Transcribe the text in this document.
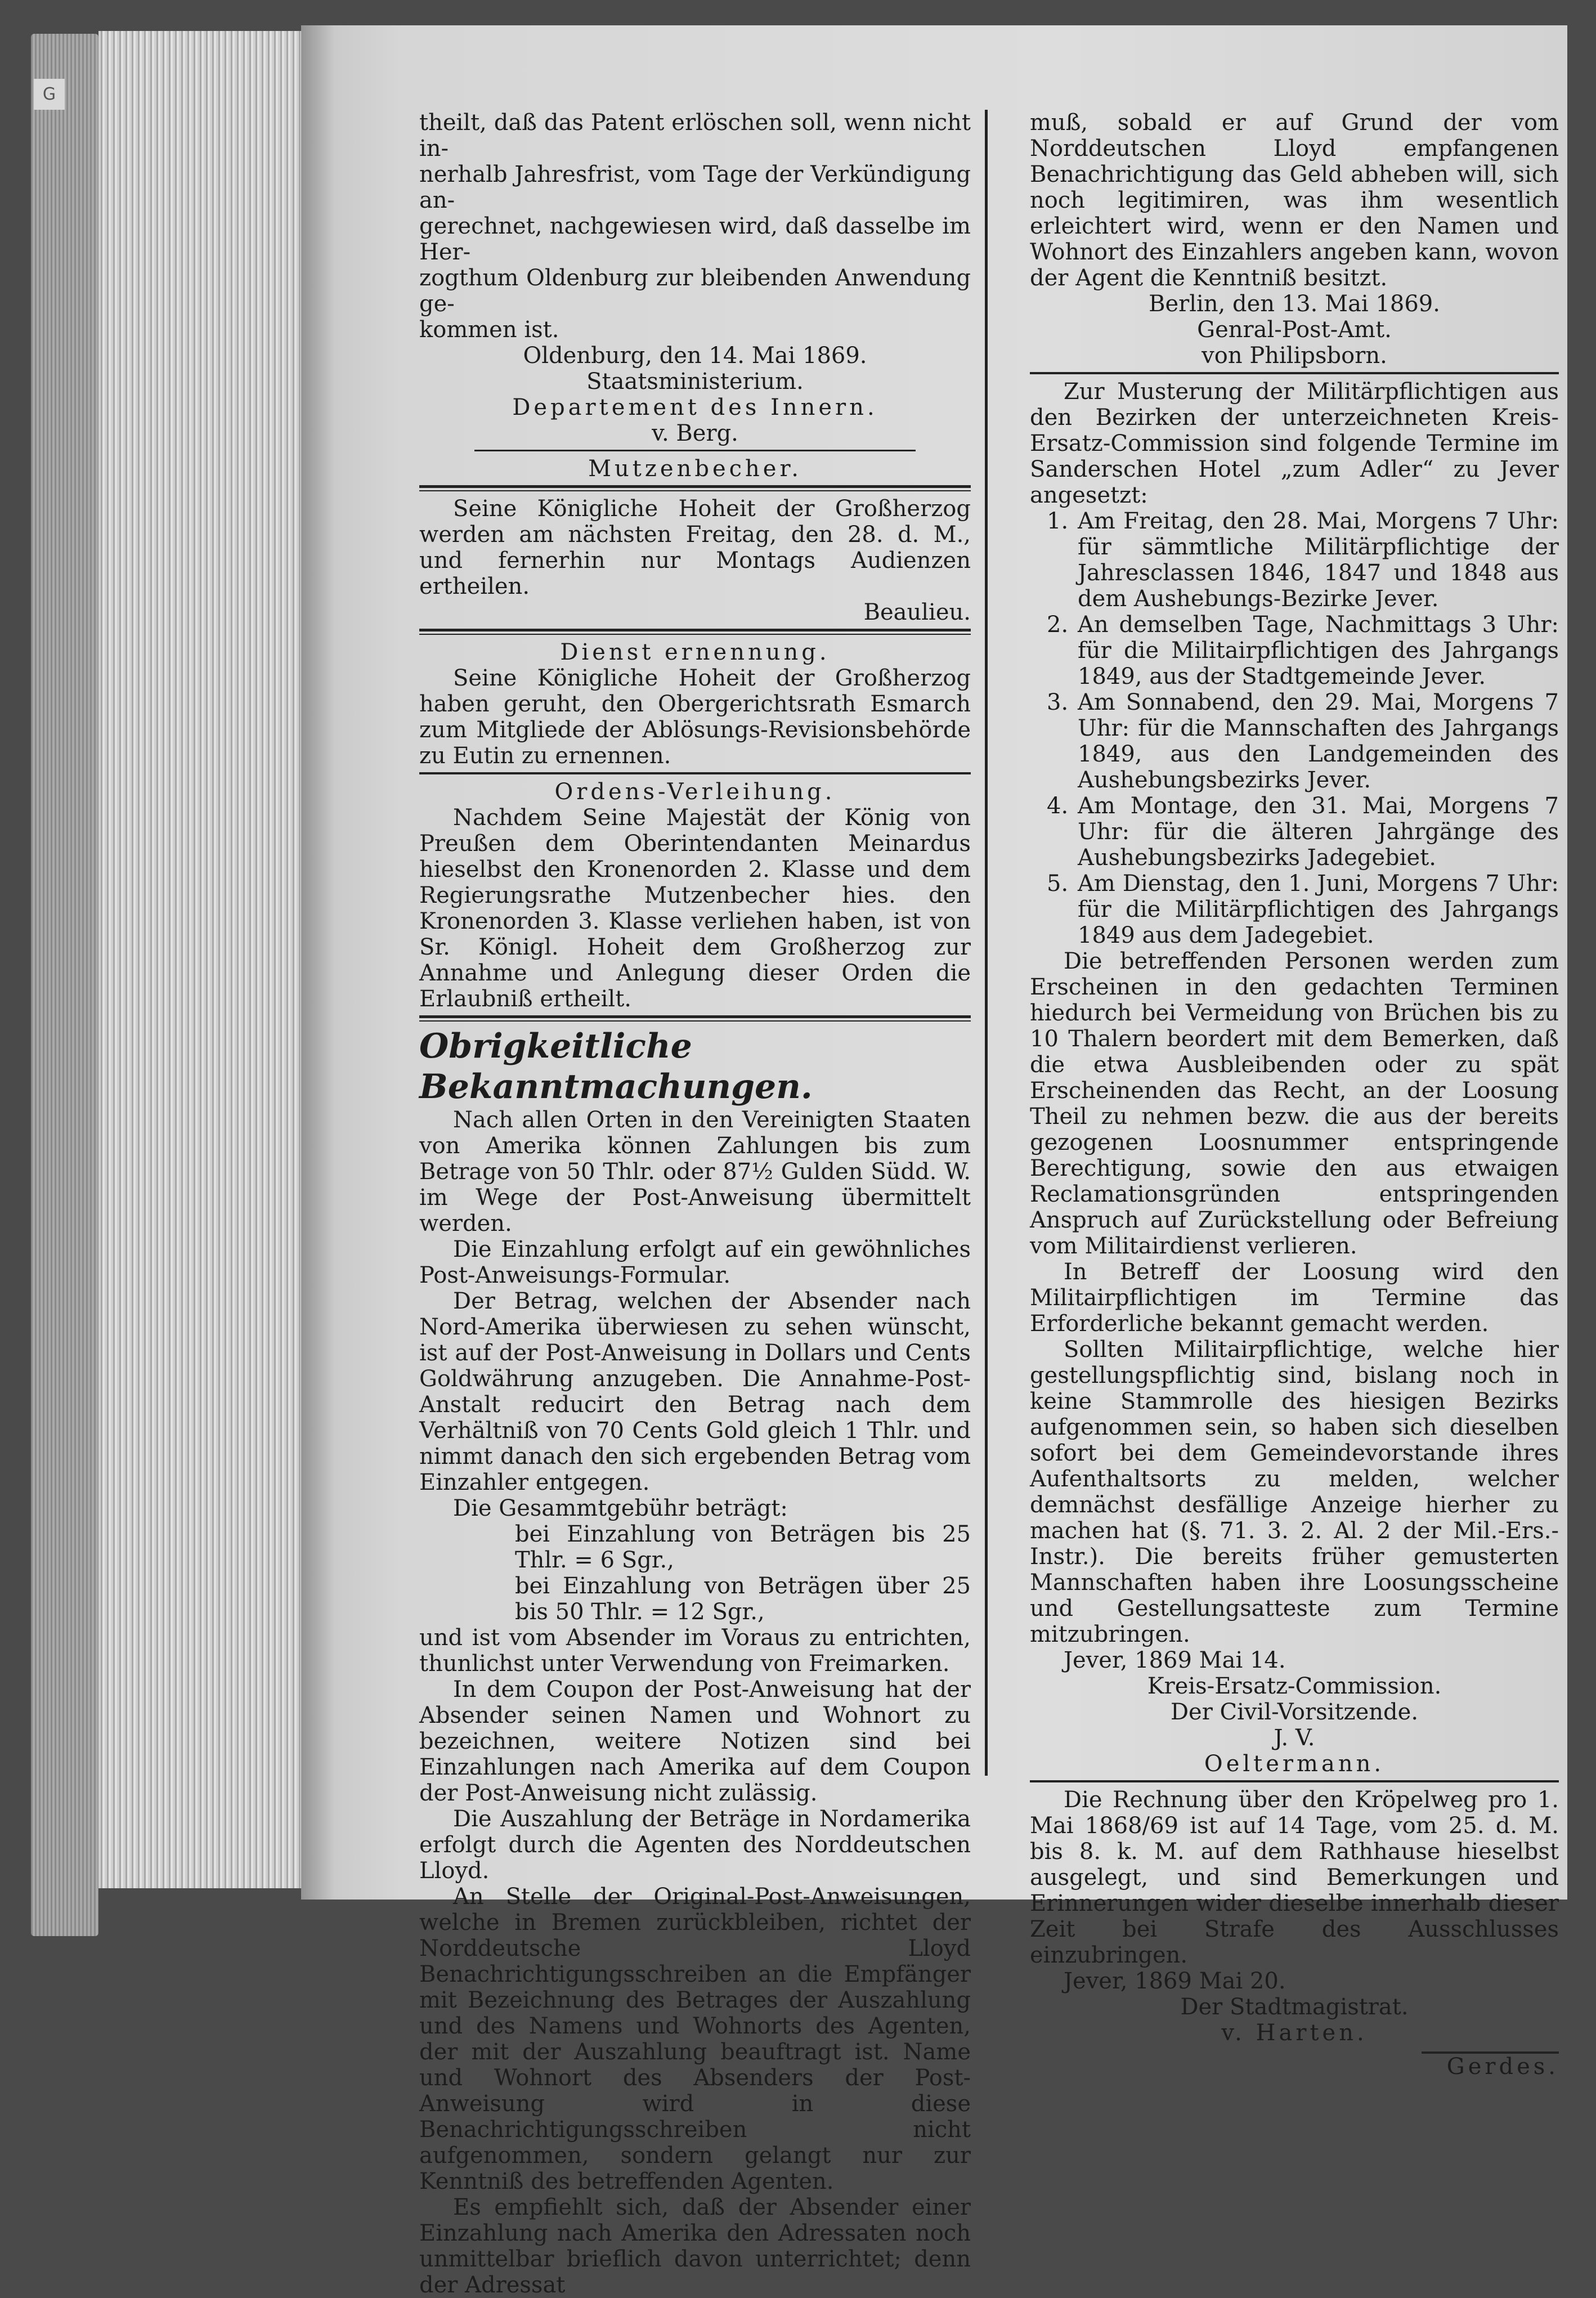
G

theilt, daß das Patent erlöschen soll, wenn nicht in-

nerhalb Jahresfrist, vom Tage der Verkündigung an-

gerechnet, nachgewiesen wird, daß dasselbe im Her-

zogthum Oldenburg zur bleibenden Anwendung ge-

kommen ist.

Oldenburg, den 14. Mai 1869.

Staatsministerium.

Departement des Innern.

v. Berg.

Mutzenbecher.

Seine Königliche Hoheit der Großherzog werden am nächsten Freitag, den 28. d. M., und fernerhin nur Montags Audienzen ertheilen.

Beaulieu.

Dienst ernennung.

Seine Königliche Hoheit der Großherzog haben geruht, den Obergerichtsrath Esmarch zum Mitgliede der Ablösungs-Revisionsbehörde zu Eutin zu ernennen.

Ordens-Verleihung.

Nachdem Seine Majestät der König von Preußen dem Oberintendanten Meinardus hieselbst den Kronenorden 2. Klasse und dem Regierungsrathe Mutzenbecher hies. den Kronenorden 3. Klasse verliehen haben, ist von Sr. Königl. Hoheit dem Großherzog zur Annahme und Anlegung dieser Orden die Erlaubniß ertheilt.

Obrigkeitliche Bekanntmachungen.

Nach allen Orten in den Vereinigten Staaten von Amerika können Zahlungen bis zum Betrage von 50 Thlr. oder 87½ Gulden Südd. W. im Wege der Post-Anweisung übermittelt werden.

Die Einzahlung erfolgt auf ein gewöhnliches Post-Anweisungs-Formular.

Der Betrag, welchen der Absender nach Nord-Amerika überwiesen zu sehen wünscht, ist auf der Post-Anweisung in Dollars und Cents Goldwährung anzugeben. Die Annahme-Post-Anstalt reducirt den Betrag nach dem Verhältniß von 70 Cents Gold gleich 1 Thlr. und nimmt danach den sich ergebenden Betrag vom Einzahler entgegen.

Die Gesammtgebühr beträgt:

bei Einzahlung von Beträgen bis 25 Thlr. = 6 Sgr.,

bei Einzahlung von Beträgen über 25 bis 50 Thlr. = 12 Sgr.,

und ist vom Absender im Voraus zu entrichten, thunlichst unter Verwendung von Freimarken.

In dem Coupon der Post-Anweisung hat der Absender seinen Namen und Wohnort zu bezeichnen, weitere Notizen sind bei Einzahlungen nach Amerika auf dem Coupon der Post-Anweisung nicht zulässig.

Die Auszahlung der Beträge in Nordamerika erfolgt durch die Agenten des Norddeutschen Lloyd.

An Stelle der Original-Post-Anweisungen, welche in Bremen zurückbleiben, richtet der Norddeutsche Lloyd Benachrichtigungsschreiben an die Empfänger mit Bezeichnung des Betrages der Auszahlung und des Namens und Wohnorts des Agenten, der mit der Auszahlung beauftragt ist. Name und Wohnort des Absenders der Post-Anweisung wird in diese Benachrichtigungsschreiben nicht aufgenommen, sondern gelangt nur zur Kenntniß des betreffenden Agenten.

Es empfiehlt sich, daß der Absender einer Einzahlung nach Amerika den Adressaten noch unmittelbar brieflich davon unterrichtet; denn der Adressat

muß, sobald er auf Grund der vom Norddeutschen Lloyd empfangenen Benachrichtigung das Geld abheben will, sich noch legitimiren, was ihm wesentlich erleichtert wird, wenn er den Namen und Wohnort des Einzahlers angeben kann, wovon der Agent die Kenntniß besitzt.

Berlin, den 13. Mai 1869.

Genral-Post-Amt.

von Philipsborn.

Zur Musterung der Militärpflichtigen aus den Bezirken der unterzeichneten Kreis-Ersatz-Commission sind folgende Termine im Sanderschen Hotel „zum Adler“ zu Jever angesetzt:

1. Am Freitag, den 28. Mai, Morgens 7 Uhr: für sämmtliche Militärpflichtige der Jahresclassen 1846, 1847 und 1848 aus dem Aushebungs-Bezirke Jever.

2. An demselben Tage, Nachmittags 3 Uhr: für die Militairpflichtigen des Jahrgangs 1849, aus der Stadtgemeinde Jever.

3. Am Sonnabend, den 29. Mai, Morgens 7 Uhr: für die Mannschaften des Jahrgangs 1849, aus den Landgemeinden des Aushebungsbezirks Jever.

4. Am Montage, den 31. Mai, Morgens 7 Uhr: für die älteren Jahrgänge des Aushebungsbezirks Jadegebiet.

5. Am Dienstag, den 1. Juni, Morgens 7 Uhr: für die Militärpflichtigen des Jahrgangs 1849 aus dem Jadegebiet.

Die betreffenden Personen werden zum Erscheinen in den gedachten Terminen hiedurch bei Vermeidung von Brüchen bis zu 10 Thalern beordert mit dem Bemerken, daß die etwa Ausbleibenden oder zu spät Erscheinenden das Recht, an der Loosung Theil zu nehmen bezw. die aus der bereits gezogenen Loosnummer entspringende Berechtigung, sowie den aus etwaigen Reclamationsgründen entspringenden Anspruch auf Zurückstellung oder Befreiung vom Militairdienst verlieren.

In Betreff der Loosung wird den Militairpflichtigen im Termine das Erforderliche bekannt gemacht werden.

Sollten Militairpflichtige, welche hier gestellungspflichtig sind, bislang noch in keine Stammrolle des hiesigen Bezirks aufgenommen sein, so haben sich dieselben sofort bei dem Gemeindevorstande ihres Aufenthaltsorts zu melden, welcher demnächst desfällige Anzeige hierher zu machen hat (§. 71. 3. 2. Al. 2 der Mil.-Ers.-Instr.). Die bereits früher gemusterten Mannschaften haben ihre Loosungsscheine und Gestellungsatteste zum Termine mitzubringen.

Jever, 1869 Mai 14.

Kreis-Ersatz-Commission.

Der Civil-Vorsitzende.

J. V.

Oeltermann.

Die Rechnung über den Kröpelweg pro 1. Mai 1868/69 ist auf 14 Tage, vom 25. d. M. bis 8. k. M. auf dem Rathhause hieselbst ausgelegt, und sind Bemerkungen und Erinnerungen wider dieselbe innerhalb dieser Zeit bei Strafe des Ausschlusses einzubringen.

Jever, 1869 Mai 20.

Der Stadtmagistrat.

v. Harten.

Gerdes.
